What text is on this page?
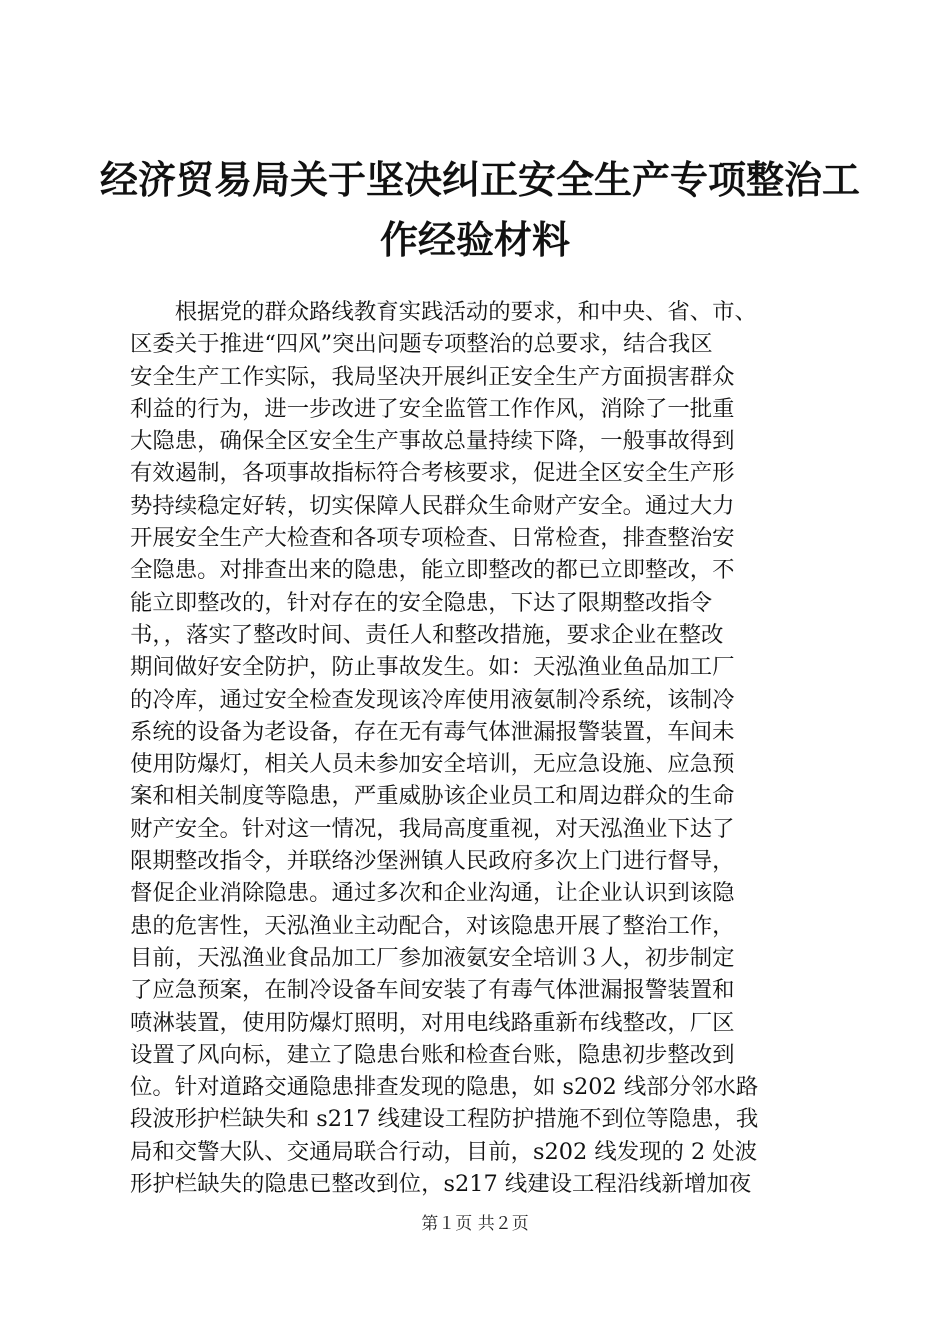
经济贸易局关于坚决纠正安全生产专项整治工
作经验材料
　　根据党的群众路线教育实践活动的要求，和中央、省、市、
区委关于推进“四风”突出问题专项整治的总要求，结合我区
安全生产工作实际，我局坚决开展纠正安全生产方面损害群众
利益的行为，进一步改进了安全监管工作作风，消除了一批重
大隐患，确保全区安全生产事故总量持续下降，一般事故得到
有效遏制，各项事故指标符合考核要求，促进全区安全生产形
势持续稳定好转，切实保障人民群众生命财产安全。通过大力
开展安全生产大检查和各项专项检查、日常检查，排查整治安
全隐患。对排查出来的隐患，能立即整改的都已立即整改，不
能立即整改的，针对存在的安全隐患，下达了限期整改指令
书，，落实了整改时间、责任人和整改措施，要求企业在整改
期间做好安全防护，防止事故发生。如：天泓渔业鱼品加工厂
的冷库，通过安全检查发现该冷库使用液氨制冷系统，该制冷
系统的设备为老设备，存在无有毒气体泄漏报警装置，车间未
使用防爆灯，相关人员未参加安全培训，无应急设施、应急预
案和相关制度等隐患，严重威胁该企业员工和周边群众的生命
财产安全。针对这一情况，我局高度重视，对天泓渔业下达了
限期整改指令，并联络沙堡洲镇人民政府多次上门进行督导，
督促企业消除隐患。通过多次和企业沟通，让企业认识到该隐
患的危害性，天泓渔业主动配合，对该隐患开展了整治工作，
目前，天泓渔业食品加工厂参加液氨安全培训３人，初步制定
了应急预案，在制冷设备车间安装了有毒气体泄漏报警装置和
喷淋装置，使用防爆灯照明，对用电线路重新布线整改，厂区
设置了风向标，建立了隐患台账和检查台账，隐患初步整改到
位。针对道路交通隐患排查发现的隐患，如 s202 线部分邻水路
段波形护栏缺失和 s217 线建设工程防护措施不到位等隐患，我
局和交警大队、交通局联合行动，目前，s202 线发现的 2 处波
形护栏缺失的隐患已整改到位，s217 线建设工程沿线新增加夜
第１页 共２页
